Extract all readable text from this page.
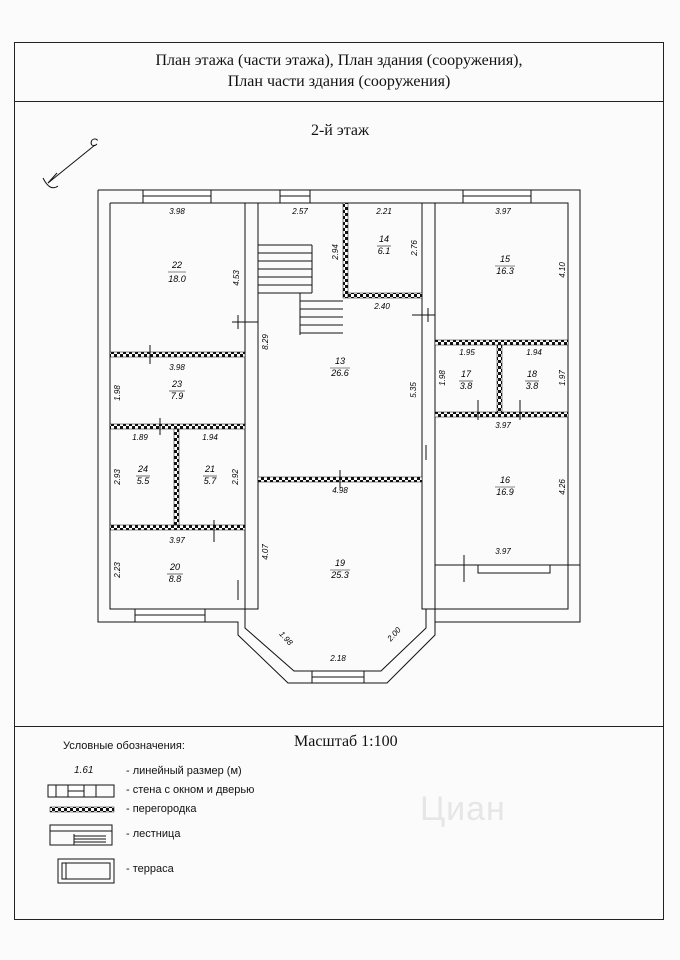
План этажа (части этажа), План здания (сооружения),
План части здания (сооружения)
2-й этаж
С
22
18.0
23
7.9
24
5.5
21
5.7
20
8.8
14
6.1
13
26.6
19
25.3
15
16.3
17
3.8
18
3.8
16
16.9
3.98
4.53
3.98
1.98
1.89	1.94
2.93	2.92
3.97
2.23
2.57	2.21
2.94	2.76
2.40
8.29
5.35
4.98
4.07
1.98
2.18
2.00
3.97
4.10
1.95	1.94
1.98	1.97
3.97
4.26
3.97
Масштаб 1:100
Условные обозначения:
1.61	- линейный размер (м)
- стена с окном и дверью
- перегородка
- лестница
- терраса
Циан
